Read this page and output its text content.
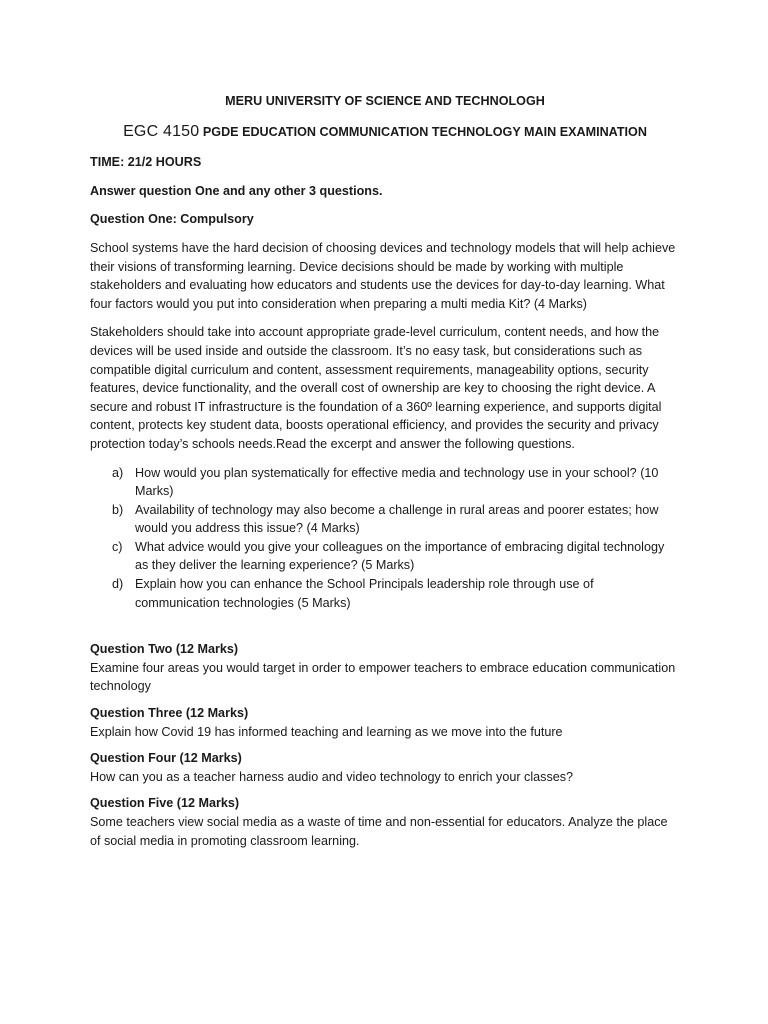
MERU UNIVERSITY OF SCIENCE AND TECHNOLOGH

EGC 4150 PGDE EDUCATION COMMUNICATION TECHNOLOGY MAIN EXAMINATION

TIME: 21/2 HOURS

Answer question One and any other 3 questions.

Question One: Compulsory

School systems have the hard decision of choosing devices and technology models that will help achieve their visions of transforming learning. Device decisions should be made by working with multiple stakeholders and evaluating how educators and students use the devices for day-to-day learning. What four factors would you put into consideration when preparing a multi media Kit? (4 Marks)

Stakeholders should take into account appropriate grade-level curriculum, content needs, and how the devices will be used inside and outside the classroom. It’s no easy task, but considerations such as compatible digital curriculum and content, assessment requirements, manageability options, security features, device functionality, and the overall cost of ownership are key to choosing the right device. A secure and robust IT infrastructure is the foundation of a 360º learning experience, and supports digital content, protects key student data, boosts operational efficiency, and provides the security and privacy protection today’s schools needs.Read the excerpt and answer the following questions.

a) How would you plan systematically for effective media and technology use in your school? (10 Marks)
b) Availability of technology may also become a challenge in rural areas and poorer estates; how would you address this issue? (4 Marks)
c) What advice would you give your colleagues on the importance of embracing digital technology as they deliver the learning experience? (5 Marks)
d) Explain how you can enhance the School Principals leadership role through use of communication technologies (5 Marks)

Question Two (12 Marks)

Examine four areas you would target in order to empower teachers to embrace education communication technology

Question Three (12 Marks)

Explain how Covid 19 has informed teaching and learning as we move into the future

Question Four (12 Marks)

How can you as a teacher harness audio and video technology to enrich your classes?

Question Five (12 Marks)

Some teachers view social media as a waste of time and non-essential for educators. Analyze the place of social media in promoting classroom learning.
